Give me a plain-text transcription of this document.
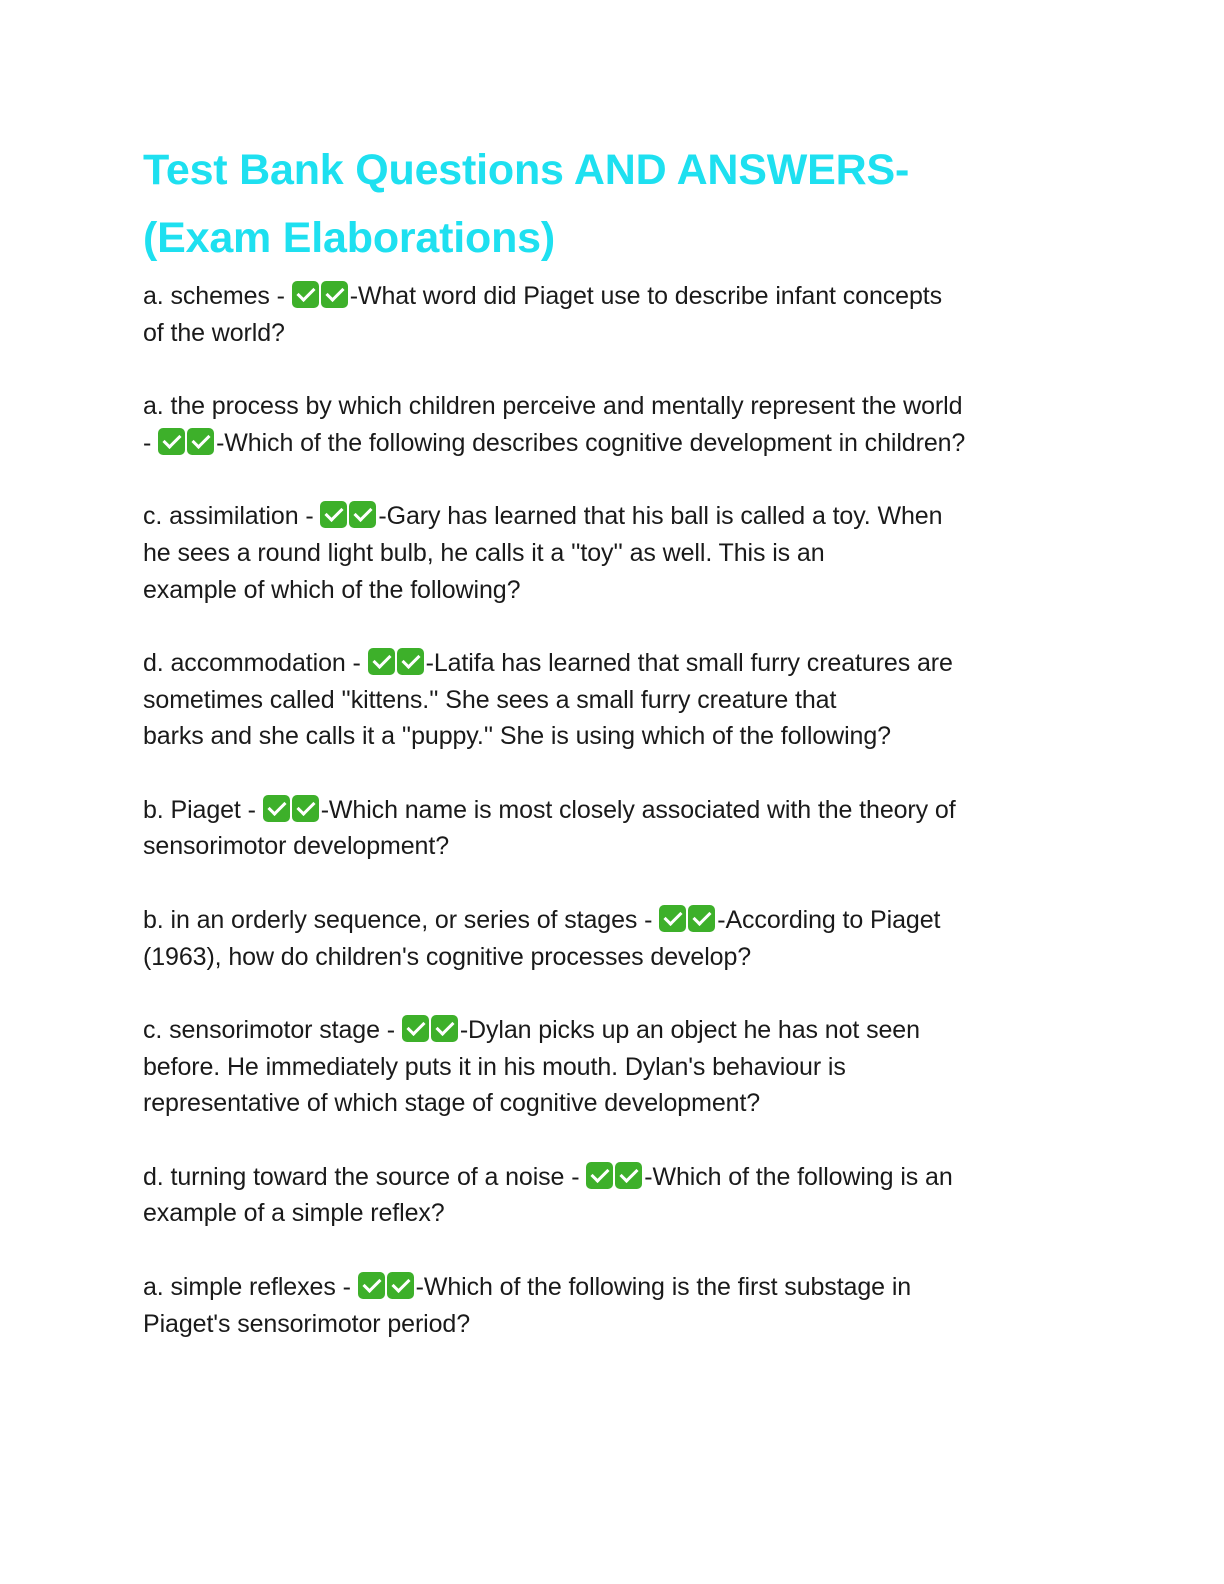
Test Bank Questions AND ANSWERS-
(Exam Elaborations)

a. schemes - -What word did Piaget use to describe infant concepts
of the world?

a. the process by which children perceive and mentally represent the world
- -Which of the following describes cognitive development in children?

c. assimilation - -Gary has learned that his ball is called a toy. When
he sees a round light bulb, he calls it a ''toy'' as well. This is an
example of which of the following?

d. accommodation - -Latifa has learned that small furry creatures are
sometimes called ''kittens.'' She sees a small furry creature that
barks and she calls it a ''puppy.'' She is using which of the following?

b. Piaget - -Which name is most closely associated with the theory of
sensorimotor development?

b. in an orderly sequence, or series of stages - -According to Piaget
(1963), how do children's cognitive processes develop?

c. sensorimotor stage - -Dylan picks up an object he has not seen
before. He immediately puts it in his mouth. Dylan's behaviour is
representative of which stage of cognitive development?

d. turning toward the source of a noise - -Which of the following is an
example of a simple reflex?

a. simple reflexes - -Which of the following is the first substage in
Piaget's sensorimotor period?
